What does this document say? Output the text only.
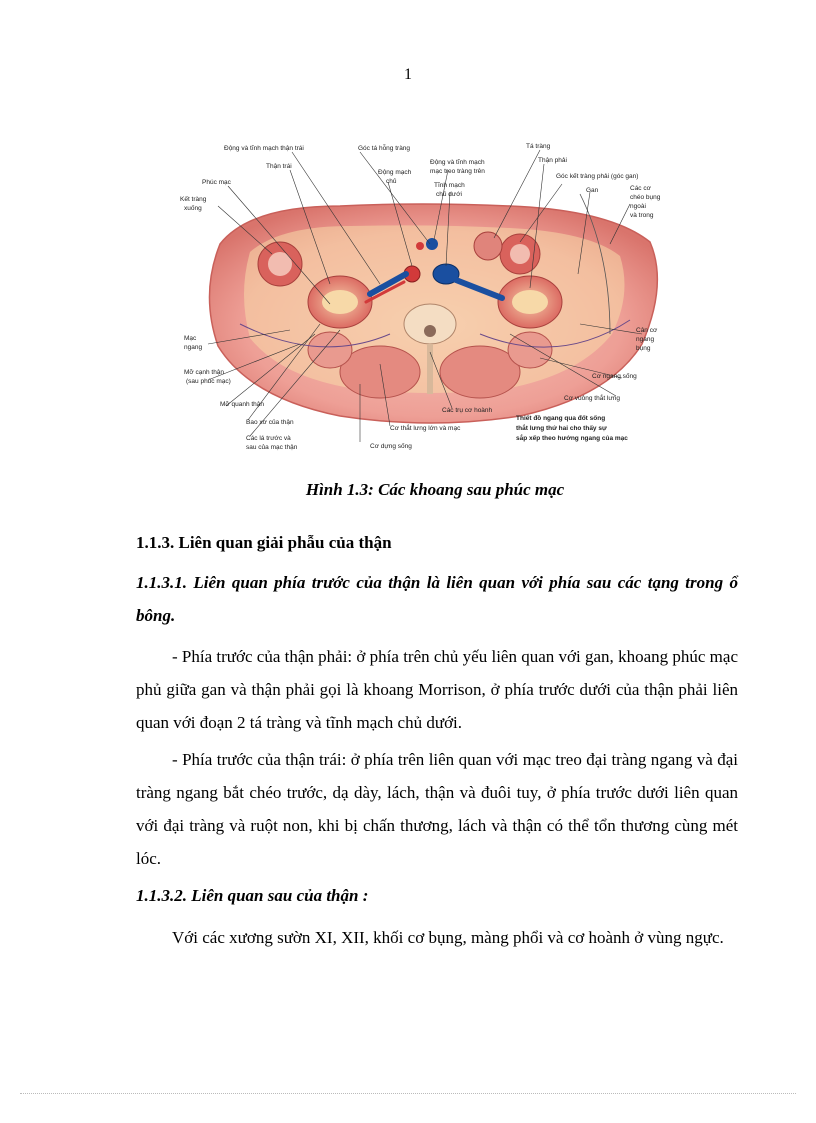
1
Động và tĩnh mạch thận trái
Thận trái
Phúc mạc
Kết tràng
xuống
Góc tá hỗng tràng
Động mạch
chủ
Động và tĩnh mạch
mạc treo tràng trên
Tĩnh mạch
chủ dưới
Tá tràng
Thận phải
Góc kết tràng phải (góc gan)
Gan	Các cơ
chéo bụng
ngoài
và trong
Mạc
ngang
Mỡ cạnh thận
(sau phúc mạc)
Mỡ quanh thận
Bao xơ của thận
Các lá trước và
sau của mạc thận
Cân cơ
ngang
bụng
Cơ ngang sống
Cơ vuông thắt lưng
Các trụ cơ hoành
Cơ thắt lưng lớn và mạc
Cơ dựng sống
Thiết đồ ngang qua đốt sống
thắt lưng thứ hai cho thấy sự
sắp xếp theo hướng ngang của mạc
Hình 1.3: Các khoang sau phúc mạc
1.1.3. Liên quan giải phẫu của thận
1.1.3.1. Liên quan phía trước của thận là liên quan với phía sau các tạng trong ổ bông.
- Phía trước của thận phải: ở phía trên chủ yếu liên quan với gan, khoang phúc mạc phủ giữa gan và thận phải gọi là khoang Morrison, ở phía trước dưới của thận phải liên quan với đoạn 2 tá tràng và tĩnh mạch chủ dưới.
- Phía trước của thận trái: ở phía trên liên quan với mạc treo đại tràng ngang và đại tràng ngang bắt chéo trước, dạ dày, lách, thận và đuôi tuy, ở phía trước dưới liên quan với đại tràng và ruột non, khi bị chấn thương, lách và thận có thể tổn thương cùng mét lóc.
1.1.3.2. Liên quan sau của thận :
Với các xương sườn XI, XII, khối cơ bụng, màng phổi và cơ hoành ở vùng ngực.
